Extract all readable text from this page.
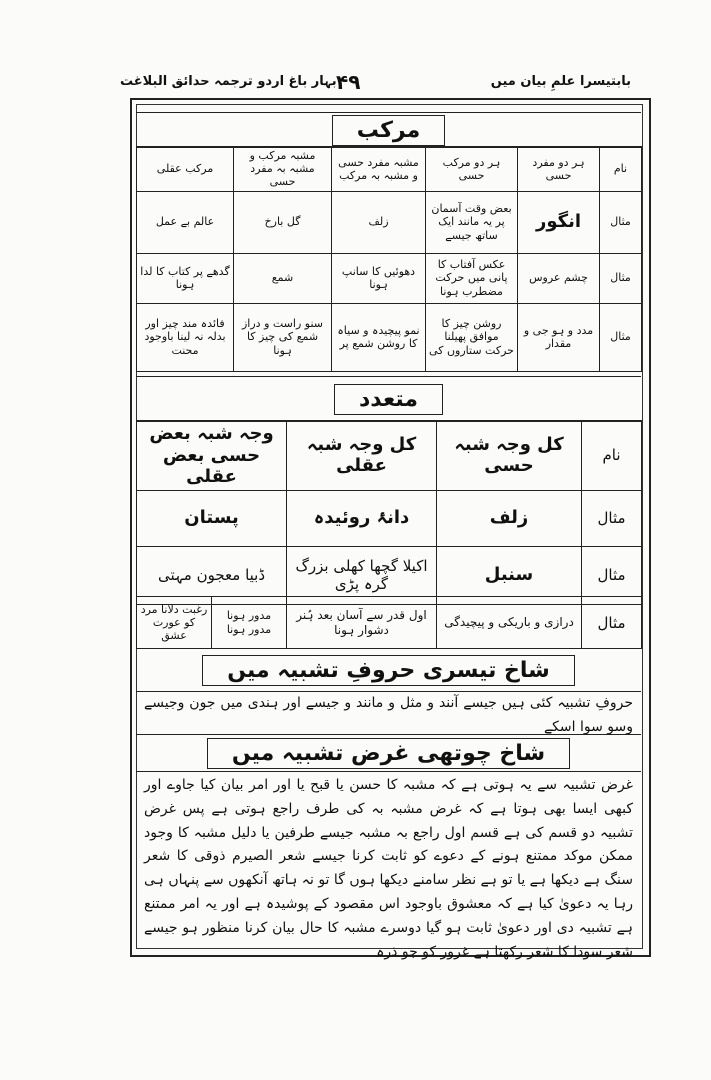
بابتیسرا علمِ بیان میں
۴۹
بہار باغ اردو ترجمہ حدائق البلاغت
مرکب
نام	ہر دو مفرد حسی	ہر دو مرکب حسی	مشبہ مفرد حسی و مشبہ بہ مرکب	مشبہ مرکب و مشبہ بہ مفرد حسی	مرکب عقلی
مثال	انگور	بعض وقت آسمان پر یہ مانند ایک ساتھ جیسے	زلف	گل بارخ	عالم بے عمل
مثال	چشم عروس	عکس آفتاب کا پانی میں حرکت مضطرب ہونا	دھوئیں کا سانپ ہونا	شمع	گدھے پر کتاب کا لدا ہونا
مثال	مدد و ہو جی و مقدار	روشن چیز کا موافق پھیلنا حرکت ستاروں کی	نمو پیچیدہ و سیاہ کا روشن شمع پر	سنو راست و دراز شمع کی چیز کا ہونا	فائدہ مند چیز اور بدلہ نہ لینا باوجود محنت
متعدد
نام	کل وجہ شبہ حسی	کل وجہ شبہ عقلی	وجہ شبہ بعض حسی بعض عقلی
مثال	زلف	دانۂ روئیدہ	پستان
مثال	سنبل	اکیلا گچھا کھلی بزرگ گرہ پڑی	ڈبیا معجون مہتی
مثال	درازی و باریکی و پیچیدگی	اول قدر سے آسان بعد ہُنر دشوار ہونا	مدور ہونا مدور ہونا	رغبت دلانا مرد کو عورت عشق
شاخ تیسری حروفِ تشبیہ میں
حروفِ تشبیہ کئی ہیں جیسے آنند و مثل و مانند و جیسے اور ہندی میں جون وجیسے وسو سوا اسکے
شاخ چوتھی غرض تشبیہ میں
غرض تشبیہ سے یہ ہوتی ہے کہ مشبہ کا حسن یا قبح یا اور امر بیان کیا جاوے اور کبھی ایسا بھی ہوتا ہے کہ غرض مشبہ بہ کی طرف راجع ہوتی ہے پس غرض تشبیہ دو قسم کی ہے قسم اول راجع بہ مشبہ جیسے طرفین یا دلیل مشبہ کا وجود ممکن موکد ممتنع ہونے کے دعوے کو ثابت کرنا جیسے شعر الصیرم ذوقی کا شعر سنگ ہے دیکھا ہے یا تو ہے نظر سامنے دیکھا ہوں گا تو نہ ہاتھ آنکھوں سے پنہاں ہی رہا یہ دعویٰ کیا ہے کہ معشوق باوجود اس مقصود کے پوشیدہ ہے اور یہ امر ممتنع ہے تشبیہ دی اور دعویٰ ثابت ہو گیا دوسرے مشبہ کا حال بیان کرنا منظور ہو جیسے شعر سودا کا شعر رکھتا ہے غرور کو جو ذرہ
